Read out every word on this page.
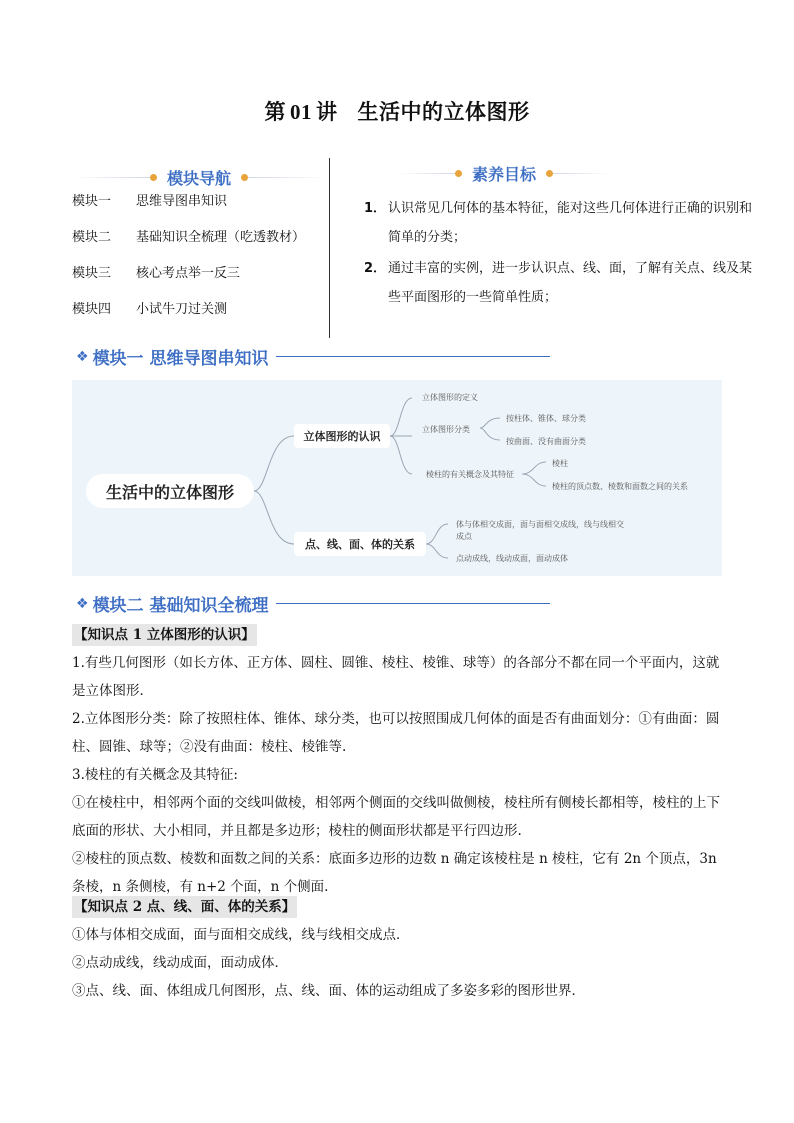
第 01 讲 生活中的立体图形
模块导航
模块一	思维导图串知识
模块二	基础知识全梳理（吃透教材）
模块三	核心考点举一反三
模块四	小试牛刀过关测
素养目标
1． 认识常见几何体的基本特征，能对这些几何体进行正确的识别和简单的分类；
2． 通过丰富的实例，进一步认识点、线、面，了解有关点、线及某些平面图形的一些简单性质；
❖ 模块一 思维导图串知识
生活中的立体图形
立体图形的认识
点、线、面、体的关系
立体图形的定义
立体图形分类
按柱体、锥体、球分类
按曲面、没有曲面分类
棱柱的有关概念及其特征
棱柱
棱柱的顶点数、棱数和面数之间的关系
体与体相交成面，面与面相交成线，线与线相交
成点
点动成线，线动成面，面动成体
❖ 模块二 基础知识全梳理

【知识点 1 立体图形的认识】

1.有些几何图形（如长方体、正方体、圆柱、圆锥、棱柱、棱锥、球等）的各部分不都在同一个平面内，这就是立体图形．

2.立体图形分类：除了按照柱体、锥体、球分类，也可以按照围成几何体的面是否有曲面划分：①有曲面：圆柱、圆锥、球等；②没有曲面：棱柱、棱锥等.

3.棱柱的有关概念及其特征:

①在棱柱中，相邻两个面的交线叫做棱，相邻两个侧面的交线叫做侧棱，棱柱所有侧棱长都相等，棱柱的上下底面的形状、大小相同，并且都是多边形；棱柱的侧面形状都是平行四边形.

②棱柱的顶点数、棱数和面数之间的关系：底面多边形的边数 n 确定该棱柱是 n 棱柱，它有 2n 个顶点，3n 条棱，n 条侧棱，有 n+2 个面，n 个侧面.

【知识点 2 点、线、面、体的关系】

①体与体相交成面，面与面相交成线，线与线相交成点．

②点动成线，线动成面，面动成体．

③点、线、面、体组成几何图形，点、线、面、体的运动组成了多姿多彩的图形世界．
